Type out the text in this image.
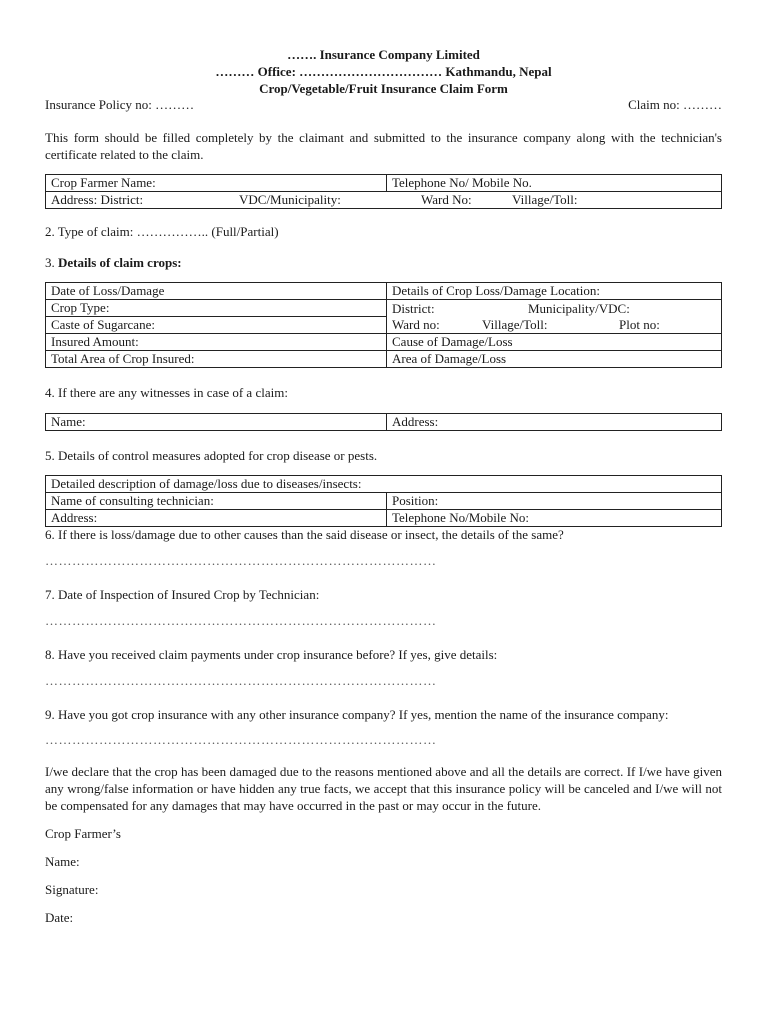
……. Insurance Company Limited
……… Office: …………………………… Kathmandu, Nepal
Crop/Vegetable/Fruit Insurance Claim Form
Insurance Policy no: ………	Claim no: ………

This form should be filled completely by the claimant and submitted to the insurance company along with the technician's certificate related to the claim.

Crop Farmer Name:	Telephone No/ Mobile No.

Address: District:	VDC/Municipality:	Ward No:	Village/Toll:

2. Type of claim: …………….. (Full/Partial)

3. Details of claim crops:

Date of Loss/Damage	Details of Crop Loss/Damage Location:
Crop Type:	District: Municipality/VDC:
Ward no: Village/Toll: Plot no:

Caste of Sugarcane:	
Insured Amount:	Cause of Damage/Loss
Total Area of Crop Insured:	Area of Damage/Loss

4. If there are any witnesses in case of a claim:

Name:	Address:

5. Details of control measures adopted for crop disease or pests.

Detailed description of damage/loss due to diseases/insects:	
Name of consulting technician:	Position:
Address:	Telephone No/Mobile No:

6. If there is loss/damage due to other causes than the said disease or insect, the details of the same?

……………………………………………………………………………

7. Date of Inspection of Insured Crop by Technician:

……………………………………………………………………………

8. Have you received claim payments under crop insurance before? If yes, give details:

……………………………………………………………………………

9. Have you got crop insurance with any other insurance company? If yes, mention the name of the insurance company:

……………………………………………………………………………

I/we declare that the crop has been damaged due to the reasons mentioned above and all the details are correct. If I/we have given any wrong/false information or have hidden any true facts, we accept that this insurance policy will be canceled and I/we will not be compensated for any damages that may have occurred in the past or may occur in the future.

Crop Farmer’s

Name:

Signature:

Date:
